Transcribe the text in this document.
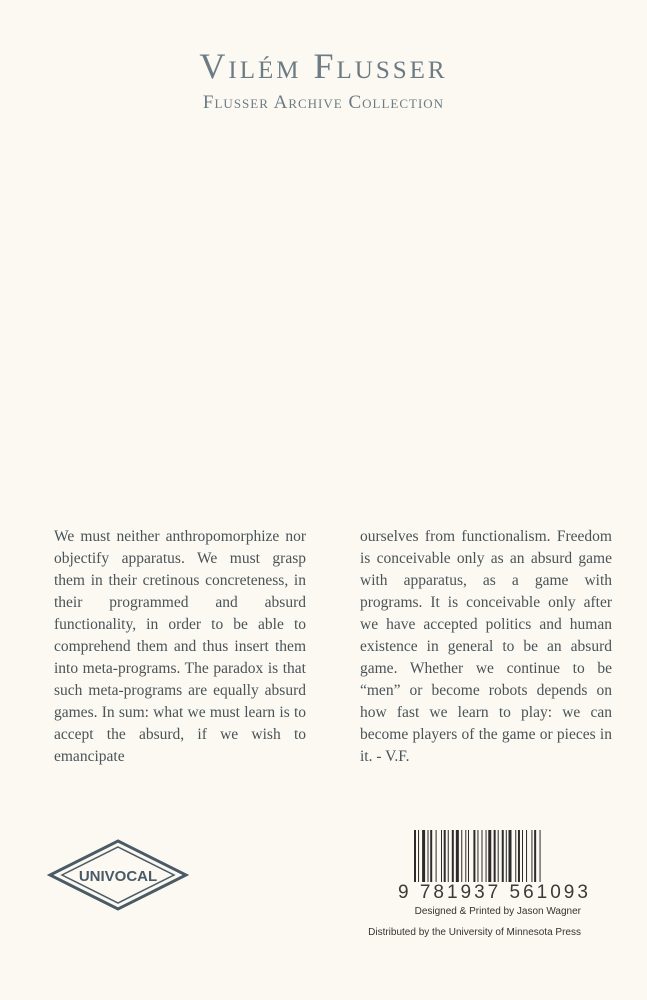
Vilém Flusser
Flusser Archive Collection
We must neither anthropomorphize nor objectify apparatus. We must grasp them in their cretinous concreteness, in their programmed and absurd functionality, in order to be able to comprehend them and thus insert them into meta-programs. The paradox is that such meta-programs are equally absurd games. In sum: what we must learn is to accept the absurd, if we wish to emancipate
ourselves from functionalism. Freedom is conceivable only as an absurd game with apparatus, as a game with programs. It is conceivable only after we have accepted politics and human existence in general to be an absurd game. Whether we continue to be “men” or become robots depends on how fast we learn to play: we can become players of the game or pieces in it. - V.F.
UNIVOCAL
9 781937 561093
Designed & Printed by Jason Wagner
Distributed by the University of Minnesota Press
